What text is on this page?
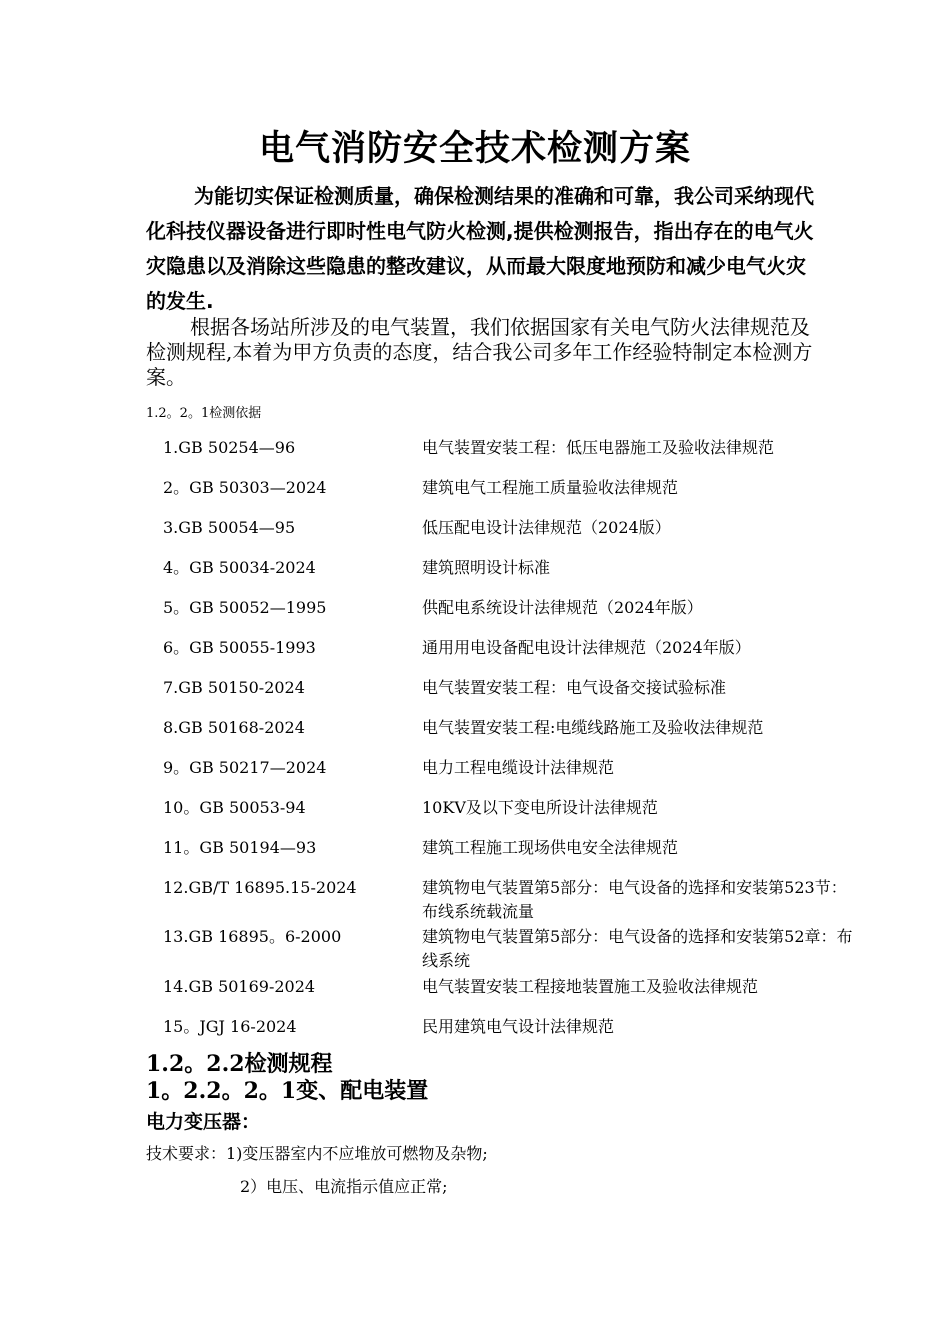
电气消防安全技术检测方案
为能切实保证检测质量，确保检测结果的准确和可靠，我公司采纳现代化科技仪器设备进行即时性电气防火检测,提供检测报告，指出存在的电气火灾隐患以及消除这些隐患的整改建议，从而最大限度地预防和减少电气火灾的发生.
根据各场站所涉及的电气装置，我们依据国家有关电气防火法律规范及检测规程,本着为甲方负责的态度，结合我公司多年工作经验特制定本检测方案。
1.2。2。1检测依据
1.GB 50254—96	电气装置安装工程：低压电器施工及验收法律规范
2。GB 50303—2024	建筑电气工程施工质量验收法律规范
3.GB 50054—95	低压配电设计法律规范（2024版）
4。GB 50034-2024	建筑照明设计标准
5。GB 50052—1995	供配电系统设计法律规范（2024年版）
6。GB 50055-1993	通用用电设备配电设计法律规范（2024年版）
7.GB 50150-2024	电气装置安装工程：电气设备交接试验标准
8.GB 50168-2024	电气装置安装工程:电缆线路施工及验收法律规范
9。GB 50217—2024	电力工程电缆设计法律规范
10。GB 50053-94	10KV及以下变电所设计法律规范
11。GB 50194—93	建筑工程施工现场供电安全法律规范
12.GB/T 16895.15-2024	建筑物电气装置第5部分：电气设备的选择和安装第523节：布线系统载流量
13.GB 16895。6-2000	建筑物电气装置第5部分：电气设备的选择和安装第52章：布线系统
14.GB 50169-2024	电气装置安装工程接地装置施工及验收法律规范
15。JGJ 16-2024	民用建筑电气设计法律规范
1.2。2.2检测规程
1。2.2。2。1变、配电装置
电力变压器：
技术要求：1)变压器室内不应堆放可燃物及杂物;
2）电压、电流指示值应正常;
